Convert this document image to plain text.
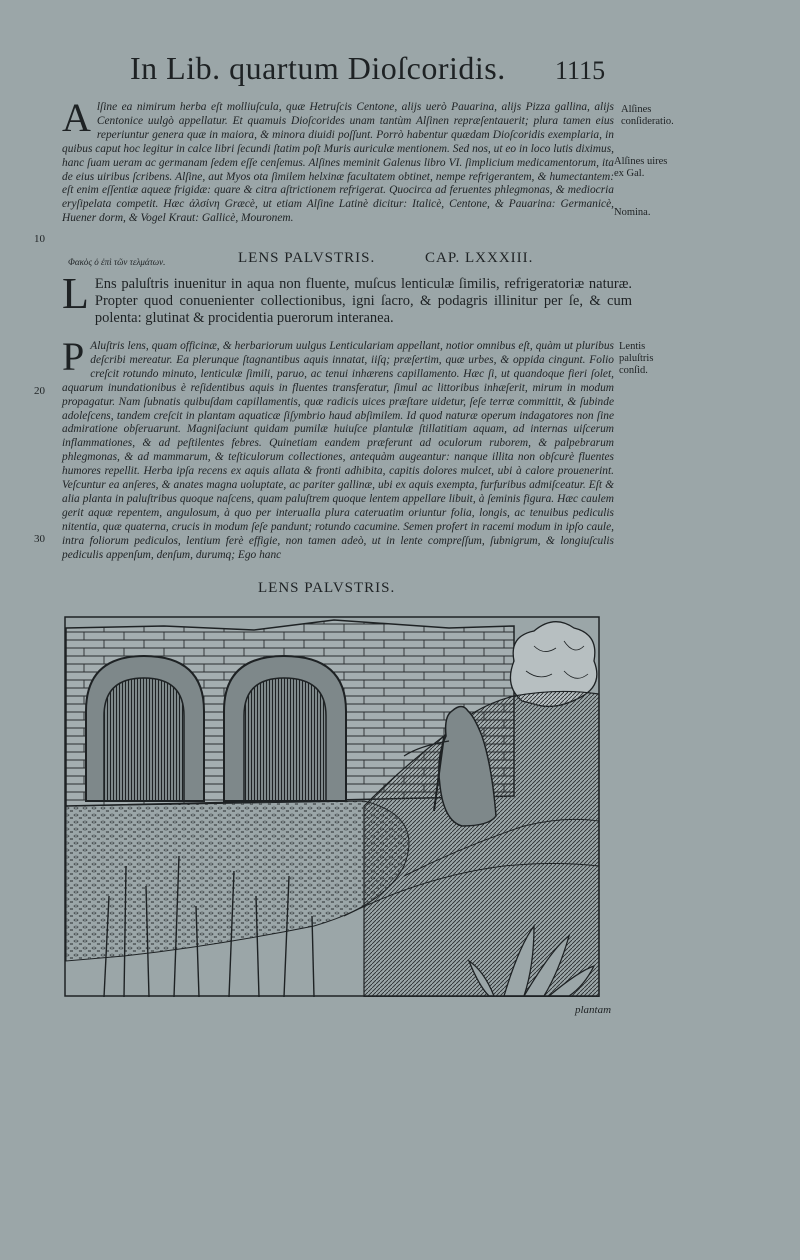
In Lib. quartum Dioſcoridis. 1115
A lſine ea nimirum herba eſt molliuſcula, quæ Hetruſcis Centone, alijs uerò Pauarina, alijs Pizza gallina, alijs Centonice uulgò appellatur. Et quamuis Dioſcorides unam tantùm Alſinen repræſentauerit; plura tamen eius reperiuntur genera quæ in maiora, & minora diuidi poſſunt. Porrò habentur quædam Dioſcoridis exemplaria, in quibus caput hoc legitur in calce libri ſecundi ſtatim poſt Muris auriculæ mentionem. Sed nos, ut eo in loco lutis diximus, hanc ſuam ueram ac germanam ſedem eſſe cenſemus. Alſines meminit Galenus libro VI. ſimplicium medicamentorum, ita de eius uiribus ſcribens. Alſine, aut Myos ota ſimilem helxinæ facultatem obtinet, nempe refrigerantem, & humectantem: eſt enim eſſentiæ aqueæ frigidæ: quare & citra aſtrictionem refrigerat. Quocirca ad feruentes phlegmonas, & mediocria eryſipelata competit. Hæc ἀλσίνη Græcè, ut etiam Alſine Latinè dicitur: Italicè, Centone, & Pauarina: Germanicè, Huener dorm, & Vogel Kraut: Gallicè, Mouronem.
Alſines conſideratio.
Alſines uires ex Gal.
Nomina.
Lentis paluſtris conſid.
10
20
30
Φακὸς ὁ ἐπὶ τῶν τελμάτων.	LENS PALVSTRIS.	CAP. LXXXIII.
L Ens paluſtris inuenitur in aqua non fluente, muſcus lenticulæ ſimilis, refrigeratoriæ naturæ. Propter quod conuenienter collectionibus, igni ſacro, & podagris illinitur per ſe, & cum polenta: glutinat & procidentia puerorum interanea.
P Aluſtris lens, quam officinæ, & herbariorum uulgus Lenticulariam appellant, notior omnibus eſt, quàm ut pluribus deſcribi mereatur. Ea plerunque ſtagnantibus aquis innatat, iiſq; præſertim, quæ urbes, & oppida cingunt. Folio creſcit rotundo minuto, lenticulæ ſimili, paruo, ac tenui inhærens capillamento. Hæc ſi, ut quandoque fieri ſolet, aquarum inundationibus è reſidentibus aquis in fluentes transferatur, ſimul ac littoribus inhæſerit, mirum in modum propagatur. Nam ſubnatis quibuſdam capillamentis, quæ radicis uices præſtare uidetur, ſeſe terræ committit, & ſubinde adoleſcens, tandem creſcit in plantam aquaticæ ſiſymbrio haud abſimilem. Id quod naturæ operum indagatores non ſine admiratione obſeruarunt. Magniſaciunt quidam pumilæ huiuſce plantulæ ſtillatitiam aquam, ad internas uiſcerum inflammationes, & ad peſtilentes febres. Quinetiam eandem præferunt ad oculorum ruborem, & palpebrarum phlegmonas, & ad mammarum, & teſticulorum collectiones, antequàm augeantur: nanque illita non obſcurè fluentes humores repellit. Herba ipſa recens ex aquis allata & fronti adhibita, capitis dolores mulcet, ubi à calore prouenerint. Veſcuntur ea anſeres, & anates magna uoluptate, ac pariter gallinæ, ubi ex aquis exempta, furfuribus admiſceatur. Eſt & alia planta in paluſtribus quoque naſcens, quam paluſtrem quoque lentem appellare libuit, à ſeminis figura. Hæc caulem gerit aquæ repentem, angulosum, à quo per interualla plura cateruatim oriuntur folia, longis, ac tenuibus pediculis nitentia, quæ quaterna, crucis in modum ſeſe pandunt; rotundo cacumine. Semen profert in racemi modum in ipſo caule, intra foliorum pediculos, lentium ferè effigie, non tamen adeò, ut in lente compreſſum, ſubnigrum, & longiuſculis pediculis appenſum, denſum, durumq; Ego hanc
LENS PALVSTRIS.
plantam
